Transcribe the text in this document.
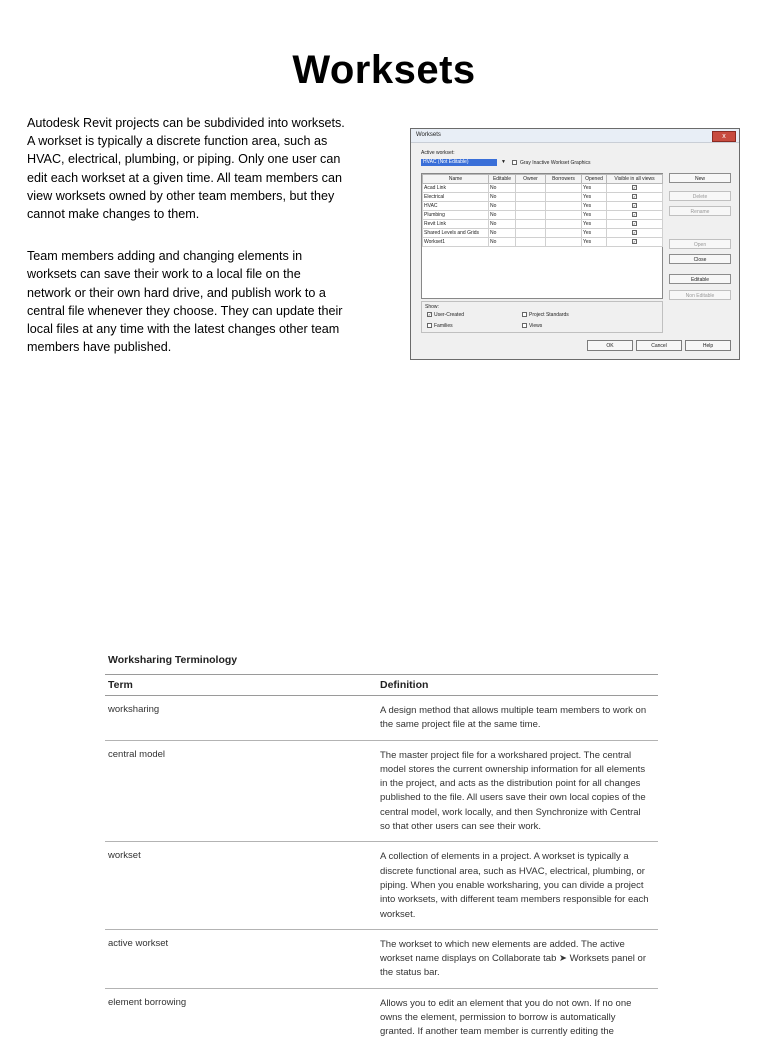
Worksets

Autodesk Revit projects can be subdivided into worksets. A workset is typically a discrete function area, such as HVAC, electrical, plumbing, or piping. Only one user can edit each workset at a given time. All team members can view worksets owned by other team members, but they cannot make changes to them.

Team members adding and changing elements in worksets can save their work to a local file on the network or their own hard drive, and publish work to a central file whenever they choose. They can update their local files at any time with the latest changes other team members have published.

Worksets	x
Active workset:
HVAC (Not Editable)	▼	Gray Inactive Workset Graphics
Name	Editable	Owner	Borrowers	Opened	Visible in all views
Acad Link	No			Yes	✓
Electrical	No			Yes	✓
HVAC	No			Yes	✓
Plumbing	No			Yes	✓
Revit Link	No			Yes	✓
Shared Levels and Grids	No			Yes	✓
Workset1	No			Yes	✓
New
Delete
Rename
Open
Close
Editable
Non Editable
Show:
✓ User-Created
Families
Project Standards
Views
OK	Cancel	Help
Worksharing Terminology
Term	Definition
worksharing	A design method that allows multiple team members to work on the same project file at the same time.
central model	The master project file for a workshared project. The central model stores the current ownership information for all elements in the project, and acts as the distribution point for all changes published to the file. All users save their own local copies of the central model, work locally, and then Synchronize with Central so that other users can see their work.
workset	A collection of elements in a project. A workset is typically a discrete functional area, such as HVAC, electrical, plumbing, or piping. When you enable worksharing, you can divide a project into worksets, with different team members responsible for each workset.
active workset	The workset to which new elements are added. The active workset name displays on Collaborate tab ➤ Worksets panel or the status bar.
element borrowing	Allows you to edit an element that you do not own. If no one owns the element, permission to borrow is automatically granted. If another team member is currently editing the
